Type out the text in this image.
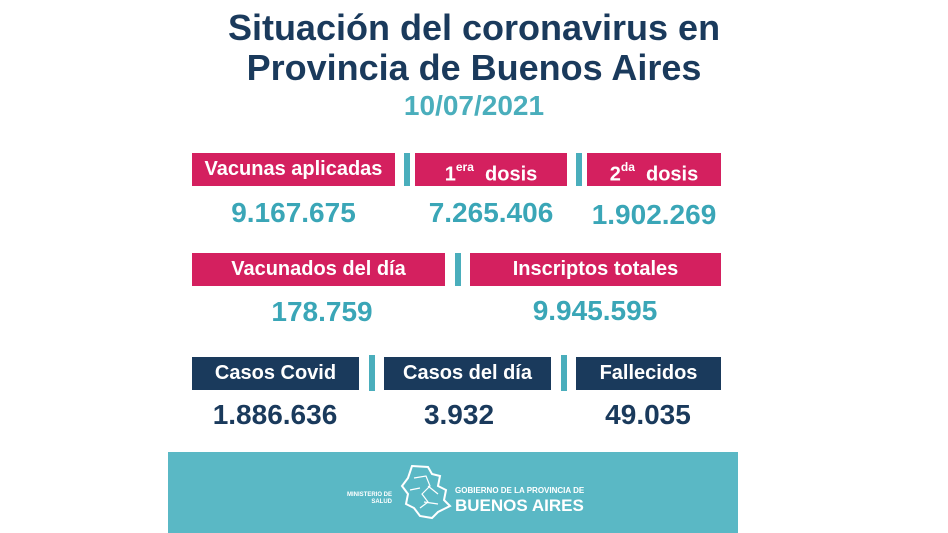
Situación del coronavirus en
Provincia de Buenos Aires
10/07/2021
Vacunas aplicadas	$1^{era}$ dosis	$2^{da}$ dosis
9.167.675	7.265.406	1.902.269
Vacunados del día	Inscriptos totales
178.759	9.945.595
Casos Covid	Casos del día	Fallecidos
1.886.636	3.932	49.035
MINISTERIO DE
SALUD
GOBIERNO DE LA PROVINCIA DE
BUENOS AIRES
